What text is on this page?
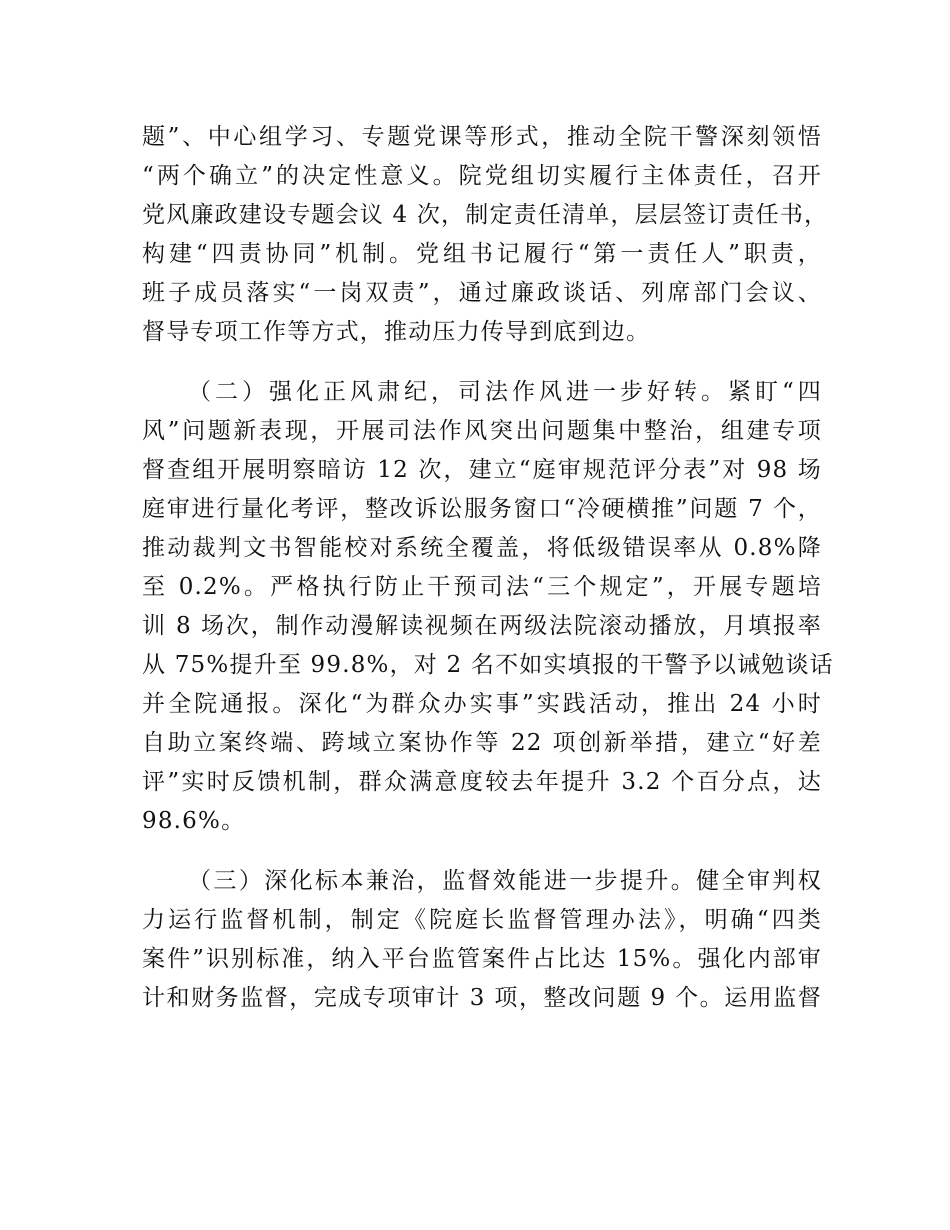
题”、中心组学习、专题党课等形式，推动全院干警深刻领悟
“两个确立”的决定性意义。院党组切实履行主体责任，召开
党风廉政建设专题会议 4 次，制定责任清单，层层签订责任书，
构建“四责协同”机制。党组书记履行“第一责任人”职责，
班子成员落实“一岗双责”，通过廉政谈话、列席部门会议、
督导专项工作等方式，推动压力传导到底到边。
（二）强化正风肃纪，司法作风进一步好转。紧盯“四
风”问题新表现，开展司法作风突出问题集中整治，组建专项
督查组开展明察暗访 12 次，建立“庭审规范评分表”对 98 场
庭审进行量化考评，整改诉讼服务窗口“冷硬横推”问题 7 个，
推动裁判文书智能校对系统全覆盖，将低级错误率从 0.8%降
至 0.2%。严格执行防止干预司法“三个规定”，开展专题培
训 8 场次，制作动漫解读视频在两级法院滚动播放，月填报率
从 75%提升至 99.8%，对 2 名不如实填报的干警予以诫勉谈话
并全院通报。深化“为群众办实事”实践活动，推出 24 小时
自助立案终端、跨域立案协作等 22 项创新举措，建立“好差
评”实时反馈机制，群众满意度较去年提升 3.2 个百分点，达
98.6%。
（三）深化标本兼治，监督效能进一步提升。健全审判权
力运行监督机制，制定《院庭长监督管理办法》，明确“四类
案件”识别标准，纳入平台监管案件占比达 15%。强化内部审
计和财务监督，完成专项审计 3 项，整改问题 9 个。运用监督
